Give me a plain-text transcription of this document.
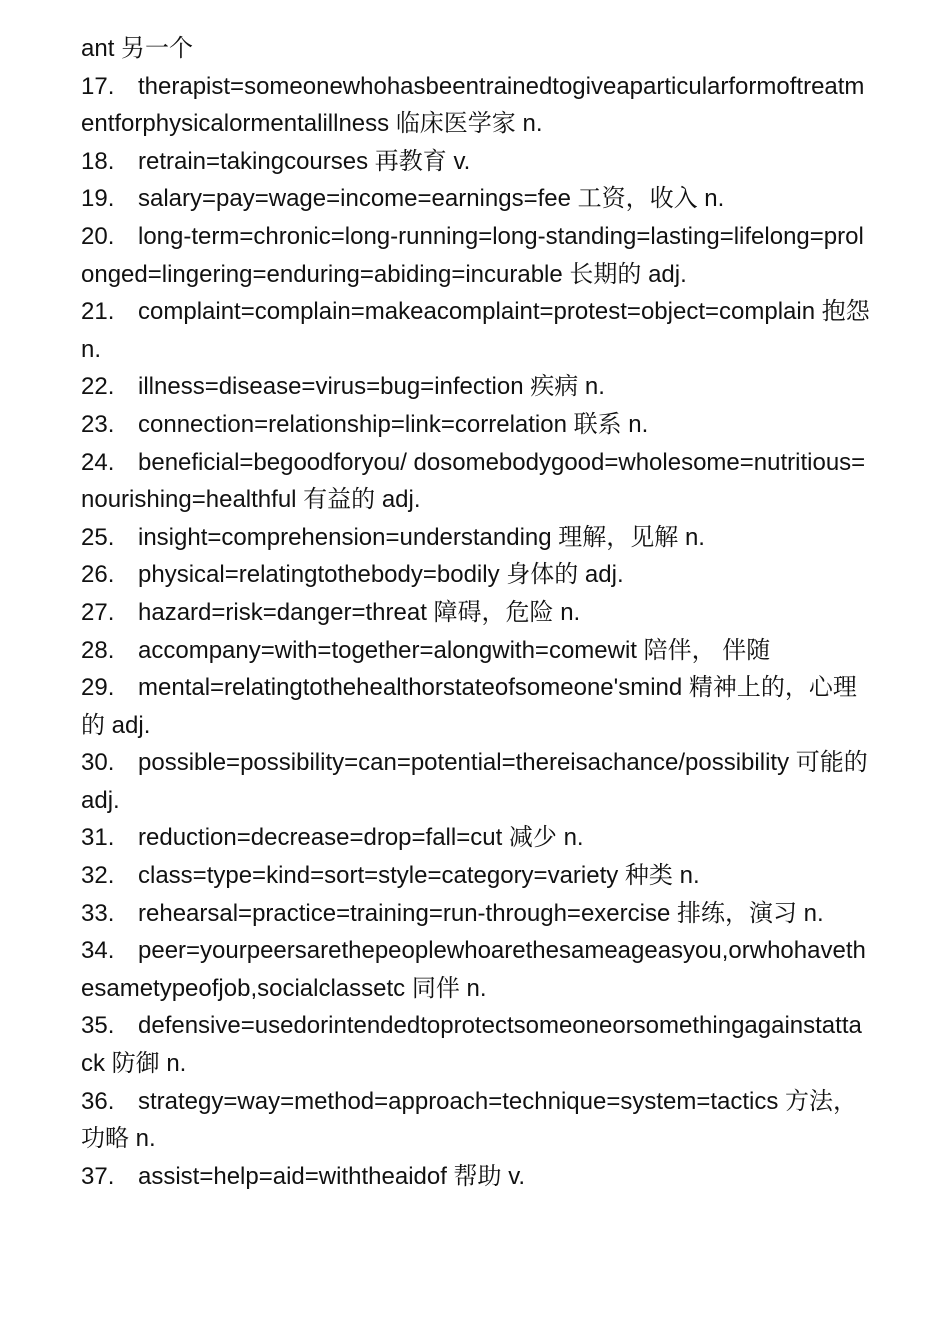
ant 另一个

17. therapist=someonewhohasbeentrainedtogiveaparticularformoftreatmentforphysicalormentalillness 临床医学家 n.

18. retrain=takingcourses 再教育 v.

19. salary=pay=wage=income=earnings=fee 工资，收入 n.

20. long-term=chronic=long-running=long-standing=lasting=lifelong=prolonged=lingering=enduring=abiding=incurable 长期的 adj.

21. complaint=complain=makeacomplaint=protest=object=complain 抱怨 n.

22. illness=disease=virus=bug=infection 疾病 n.

23. connection=relationship=link=correlation 联系 n.

24. beneficial=begoodforyou/ dosomebodygood=wholesome=nutritious=nourishing=healthful 有益的 adj.

25. insight=comprehension=understanding 理解，见解 n.

26. physical=relatingtothebody=bodily 身体的 adj.

27. hazard=risk=danger=threat 障碍，危险 n.

28. accompany=with=together=alongwith=comewit 陪伴， 伴随

29. mental=relatingtothehealthorstateofsomeone'smind 精神上的，心理的 adj.

30. possible=possibility=can=potential=thereisachance/possibility 可能的 adj.

31. reduction=decrease=drop=fall=cut 减少 n.

32. class=type=kind=sort=style=category=variety 种类 n.

33. rehearsal=practice=training=run-through=exercise 排练，演习 n.

34. peer=yourpeersarethepeoplewhoarethesameageasyou,orwhohavethesametypeofjob,socialclassetc 同伴 n.

35. defensive=usedorintendedtoprotectsomeoneorsomethingagainstattack 防御 n.

36. strategy=way=method=approach=technique=system=tactics 方法，功略 n.

37. assist=help=aid=withtheaidof 帮助 v.
